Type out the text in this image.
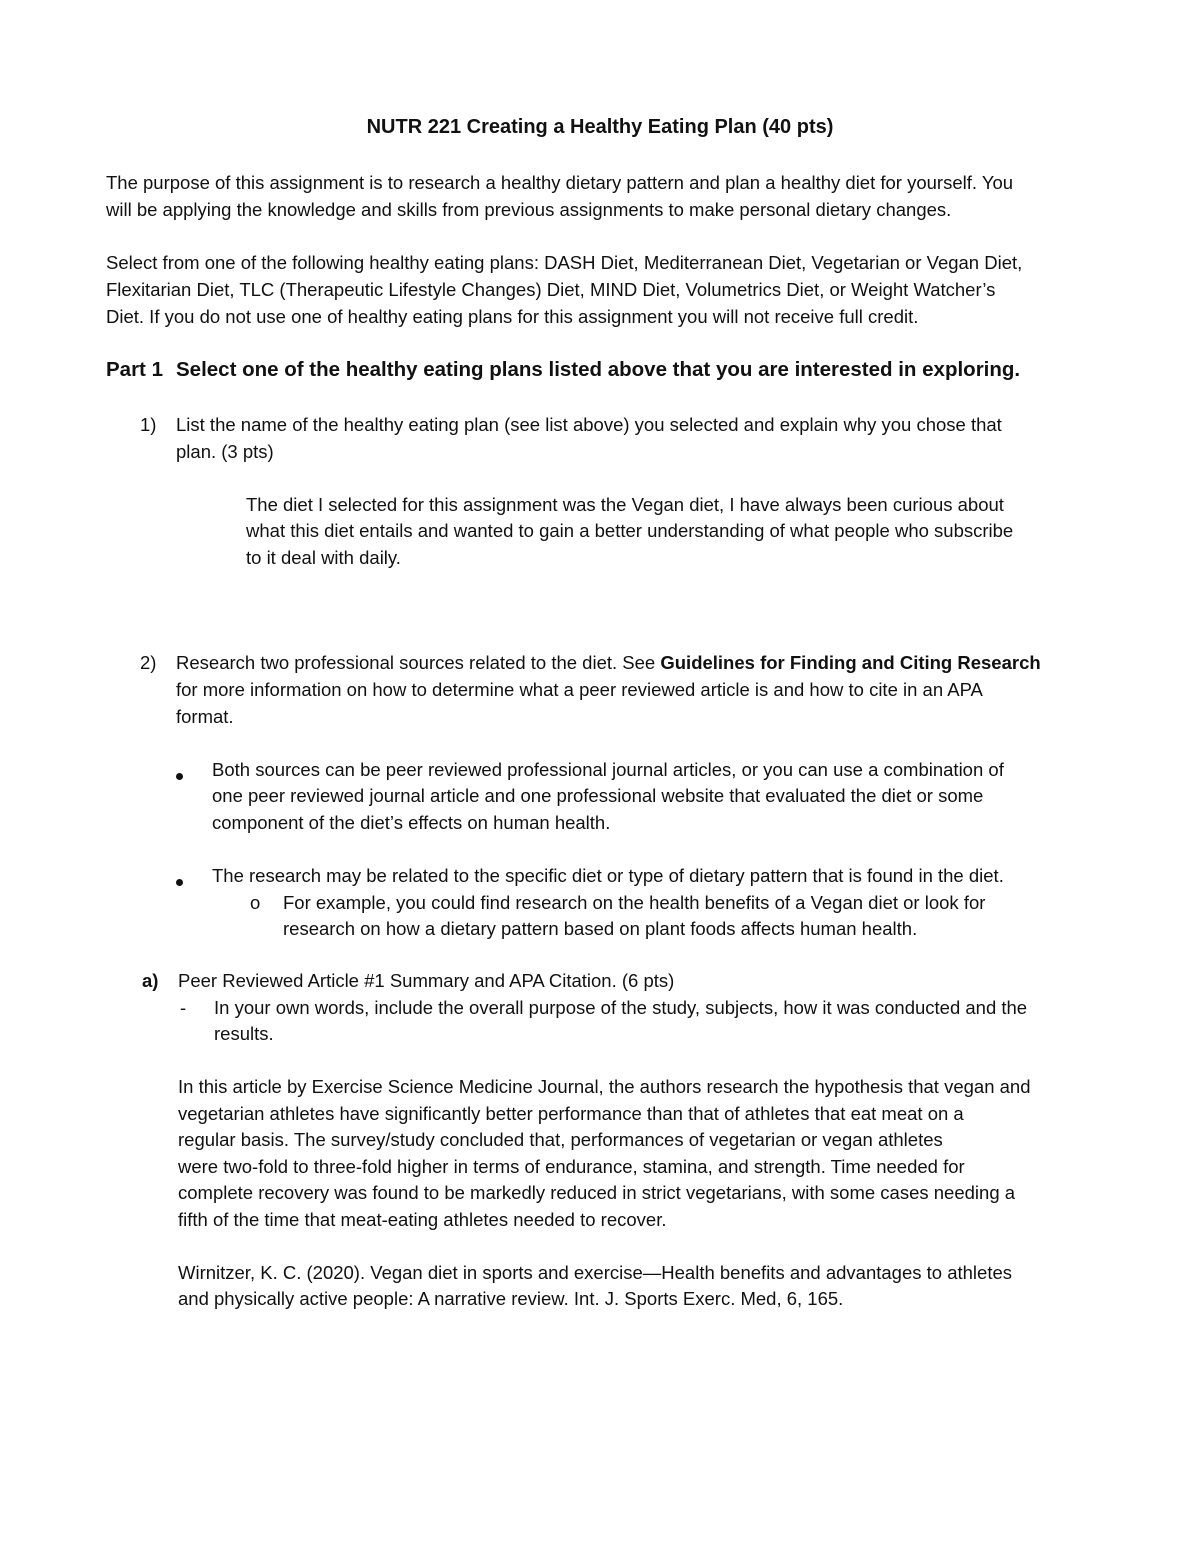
NUTR 221 Creating a Healthy Eating Plan (40 pts)
The purpose of this assignment is to research a healthy dietary pattern and plan a healthy diet for yourself. You
will be applying the knowledge and skills from previous assignments to make personal dietary changes.
Select from one of the following healthy eating plans: DASH Diet, Mediterranean Diet, Vegetarian or Vegan Diet,
Flexitarian Diet, TLC (Therapeutic Lifestyle Changes) Diet, MIND Diet, Volumetrics Diet, or Weight Watcher’s
Diet. If you do not use one of healthy eating plans for this assignment you will not receive full credit.
Part 1 Select one of the healthy eating plans listed above that you are interested in exploring.
1) List the name of the healthy eating plan (see list above) you selected and explain why you chose that
plan. (3 pts)
The diet I selected for this assignment was the Vegan diet, I have always been curious about
what this diet entails and wanted to gain a better understanding of what people who subscribe
to it deal with daily.
2) Research two professional sources related to the diet. See Guidelines for Finding and Citing Research
for more information on how to determine what a peer reviewed article is and how to cite in an APA
format.
Both sources can be peer reviewed professional journal articles, or you can use a combination of
one peer reviewed journal article and one professional website that evaluated the diet or some
component of the diet’s effects on human health.
The research may be related to the specific diet or type of dietary pattern that is found in the diet.
o For example, you could find research on the health benefits of a Vegan diet or look for
research on how a dietary pattern based on plant foods affects human health.
a) Peer Reviewed Article #1 Summary and APA Citation. (6 pts)
- In your own words, include the overall purpose of the study, subjects, how it was conducted and the
results.
In this article by Exercise Science Medicine Journal, the authors research the hypothesis that vegan and
vegetarian athletes have significantly better performance than that of athletes that eat meat on a
regular basis. The survey/study concluded that, performances of vegetarian or vegan athletes
were two-fold to three-fold higher in terms of endurance, stamina, and strength. Time needed for
complete recovery was found to be markedly reduced in strict vegetarians, with some cases needing a
fifth of the time that meat-eating athletes needed to recover.
Wirnitzer, K. C. (2020). Vegan diet in sports and exercise—Health benefits and advantages to athletes
and physically active people: A narrative review. Int. J. Sports Exerc. Med, 6, 165.
